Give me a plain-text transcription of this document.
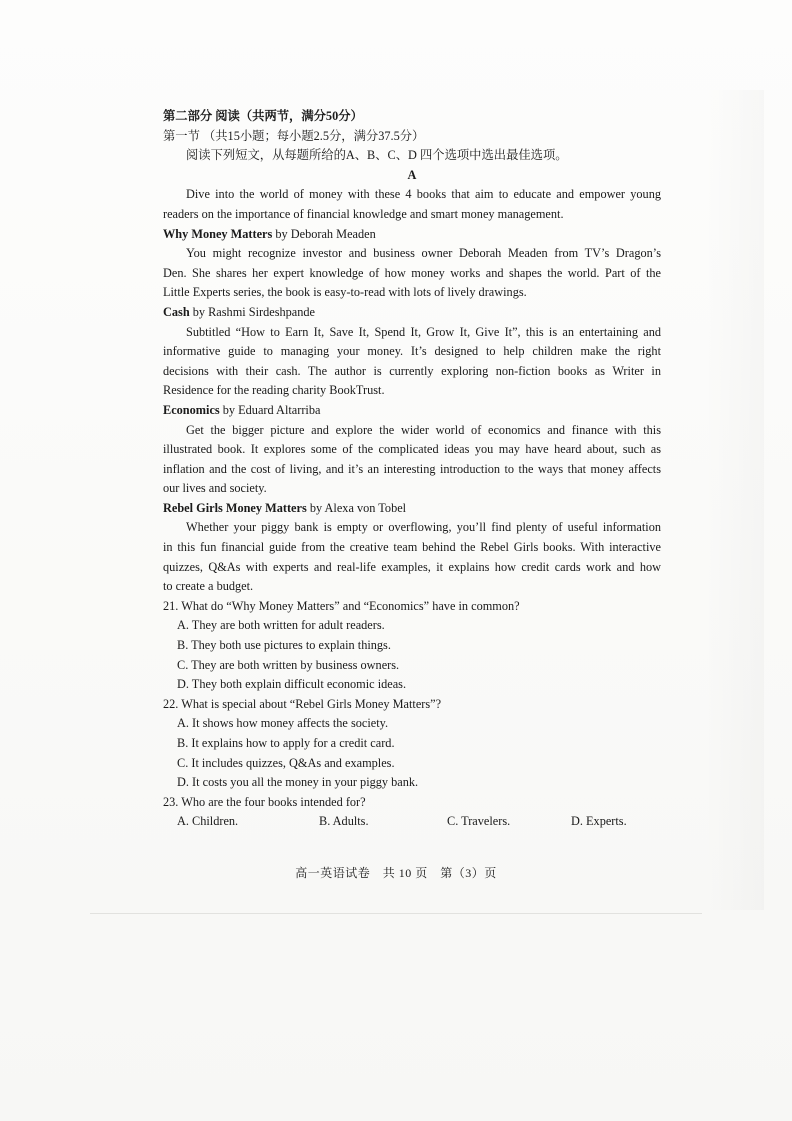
第二部分 阅读（共两节，满分50分）
第一节 （共15小题；每小题2.5分，满分37.5分）
阅读下列短文，从每题所给的A、B、C、D 四个选项中选出最佳选项。
A
Dive into the world of money with these 4 books that aim to educate and empower young
readers on the importance of financial knowledge and smart money management.
Why Money Matters by Deborah Meaden
You might recognize investor and business owner Deborah Meaden from TV’s Dragon’s
Den. She shares her expert knowledge of how money works and shapes the world. Part of the
Little Experts series, the book is easy-to-read with lots of lively drawings.
Cash by Rashmi Sirdeshpande
Subtitled “How to Earn It, Save It, Spend It, Grow It, Give It”, this is an entertaining and
informative guide to managing your money. It’s designed to help children make the right
decisions with their cash. The author is currently exploring non-fiction books as Writer in
Residence for the reading charity BookTrust.
Economics by Eduard Altarriba
Get the bigger picture and explore the wider world of economics and finance with this
illustrated book. It explores some of the complicated ideas you may have heard about, such as
inflation and the cost of living, and it’s an interesting introduction to the ways that money affects
our lives and society.
Rebel Girls Money Matters by Alexa von Tobel
Whether your piggy bank is empty or overflowing, you’ll find plenty of useful information
in this fun financial guide from the creative team behind the Rebel Girls books. With interactive
quizzes, Q&As with experts and real-life examples, it explains how credit cards work and how
to create a budget.
21. What do “Why Money Matters” and “Economics” have in common?
A. They are both written for adult readers.
B. They both use pictures to explain things.
C. They are both written by business owners.
D. They both explain difficult economic ideas.
22. What is special about “Rebel Girls Money Matters”?
A. It shows how money affects the society.
B. It explains how to apply for a credit card.
C. It includes quizzes, Q&As and examples.
D. It costs you all the money in your piggy bank.
23. Who are the four books intended for?
A. Children.	B. Adults.	C. Travelers.	D. Experts.
高一英语试卷　共 10 页　第（3）页
